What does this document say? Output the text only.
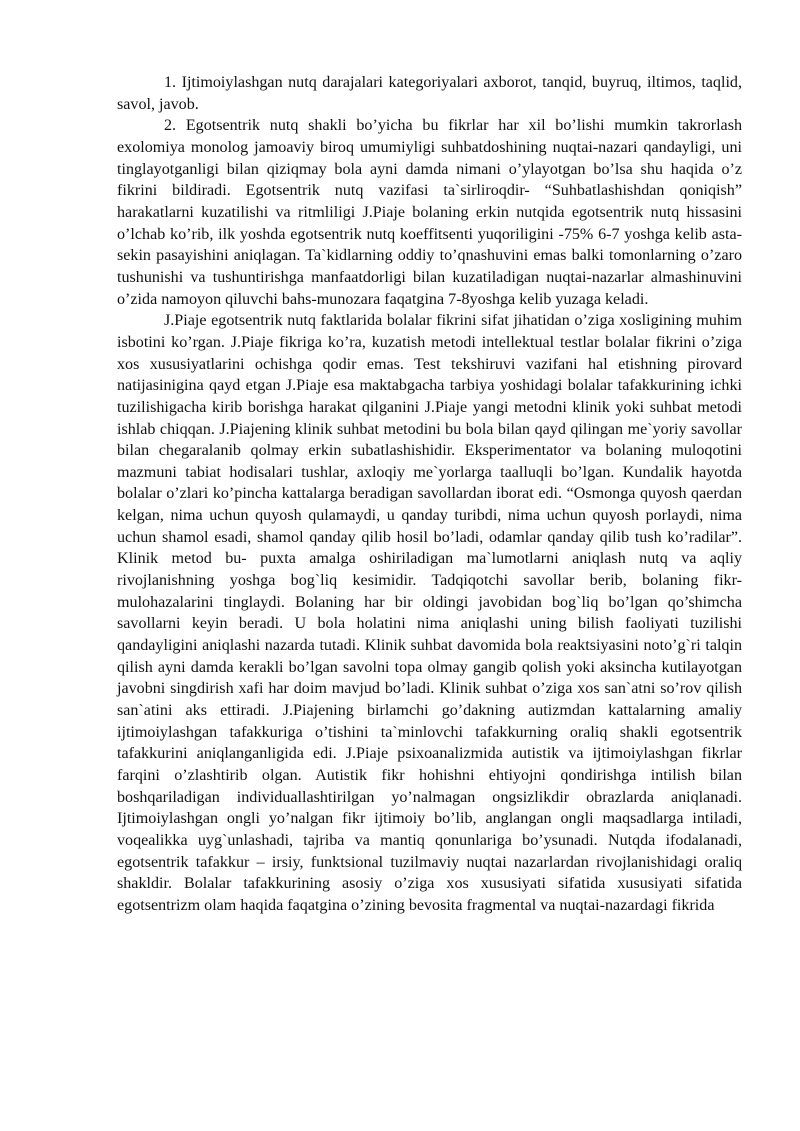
1. Ijtimoiylashgan nutq darajalari kategoriyalari axborot, tanqid, buyruq, iltimos, taqlid, savol, javob.

2. Egotsentrik nutq shakli bo’yicha bu fikrlar har xil bo’lishi mumkin takrorlash exolomiya monolog jamoaviy biroq umumiyligi suhbatdoshining nuqtai-nazari qandayligi, uni tinglayotganligi bilan qiziqmay bola ayni damda nimani o’ylayotgan bo’lsa shu haqida o’z fikrini bildiradi. Egotsentrik nutq vazifasi ta`sirliroqdir- “Suhbatlashishdan qoniqish” harakatlarni kuzatilishi va ritmliligi J.Piaje bolaning erkin nutqida egotsentrik nutq hissasini o’lchab ko’rib, ilk yoshda egotsentrik nutq koeffitsenti yuqoriligini -75% 6-7 yoshga kelib asta-sekin pasayishini aniqlagan. Ta`kidlarning oddiy to’qnashuvini emas balki tomonlarning o’zaro tushunishi va tushuntirishga manfaatdorligi bilan kuzatiladigan nuqtai-nazarlar almashinuvini o’zida namoyon qiluvchi bahs-munozara faqatgina 7-8yoshga kelib yuzaga keladi.

J.Piaje egotsentrik nutq faktlarida bolalar fikrini sifat jihatidan o’ziga xosligining muhim isbotini ko’rgan. J.Piaje fikriga ko’ra, kuzatish metodi intellektual testlar bolalar fikrini o’ziga xos xususiyatlarini ochishga qodir emas. Test tekshiruvi vazifani hal etishning pirovard natijasinigina qayd etgan J.Piaje esa maktabgacha tarbiya yoshidagi bolalar tafakkurining ichki tuzilishigacha kirib borishga harakat qilganini J.Piaje yangi metodni klinik yoki suhbat metodi ishlab chiqqan. J.Piajening klinik suhbat metodini bu bola bilan qayd qilingan me`yoriy savollar bilan chegaralanib qolmay erkin subatlashishidir. Eksperimentator va bolaning muloqotini mazmuni tabiat hodisalari tushlar, axloqiy me`yorlarga taalluqli bo’lgan. Kundalik hayotda bolalar o’zlari ko’pincha kattalarga beradigan savollardan iborat edi. “Osmonga quyosh qaerdan kelgan, nima uchun quyosh qulamaydi, u qanday turibdi, nima uchun quyosh porlaydi, nima uchun shamol esadi, shamol qanday qilib hosil bo’ladi, odamlar qanday qilib tush ko’radilar”. Klinik metod bu- puxta amalga oshiriladigan ma`lumotlarni aniqlash nutq va aqliy rivojlanishning yoshga bog`liq kesimidir. Tadqiqotchi savollar berib, bolaning fikr-mulohazalarini tinglaydi. Bolaning har bir oldingi javobidan bog`liq bo’lgan qo’shimcha savollarni keyin beradi. U bola holatini nima aniqlashi uning bilish faoliyati tuzilishi qandayligini aniqlashi nazarda tutadi. Klinik suhbat davomida bola reaktsiyasini noto’g`ri talqin qilish ayni damda kerakli bo’lgan savolni topa olmay gangib qolish yoki aksincha kutilayotgan javobni singdirish xafi har doim mavjud bo’ladi. Klinik suhbat o’ziga xos san`atni so’rov qilish san`atini aks ettiradi. J.Piajening birlamchi go’dakning autizmdan kattalarning amaliy ijtimoiylashgan tafakkuriga o’tishini ta`minlovchi tafakkurning oraliq shakli egotsentrik tafakkurini aniqlanganligida edi. J.Piaje psixoanalizmida autistik va ijtimoiylashgan fikrlar farqini o’zlashtirib olgan. Autistik fikr hohishni ehtiyojni qondirishga intilish bilan boshqariladigan individuallashtirilgan yo’nalmagan ongsizlikdir obrazlarda aniqlanadi. Ijtimoiylashgan ongli yo’nalgan fikr ijtimoiy bo’lib, anglangan ongli maqsadlarga intiladi, voqealikka uyg`unlashadi, tajriba va mantiq qonunlariga bo’ysunadi. Nutqda ifodalanadi, egotsentrik tafakkur – irsiy, funktsional tuzilmaviy nuqtai nazarlardan rivojlanishidagi oraliq shakldir. Bolalar tafakkurining asosiy o’ziga xos xususiyati sifatida xususiyati sifatida egotsentrizm olam haqida faqatgina o’zining bevosita fragmental va nuqtai-nazardagi fikrida
